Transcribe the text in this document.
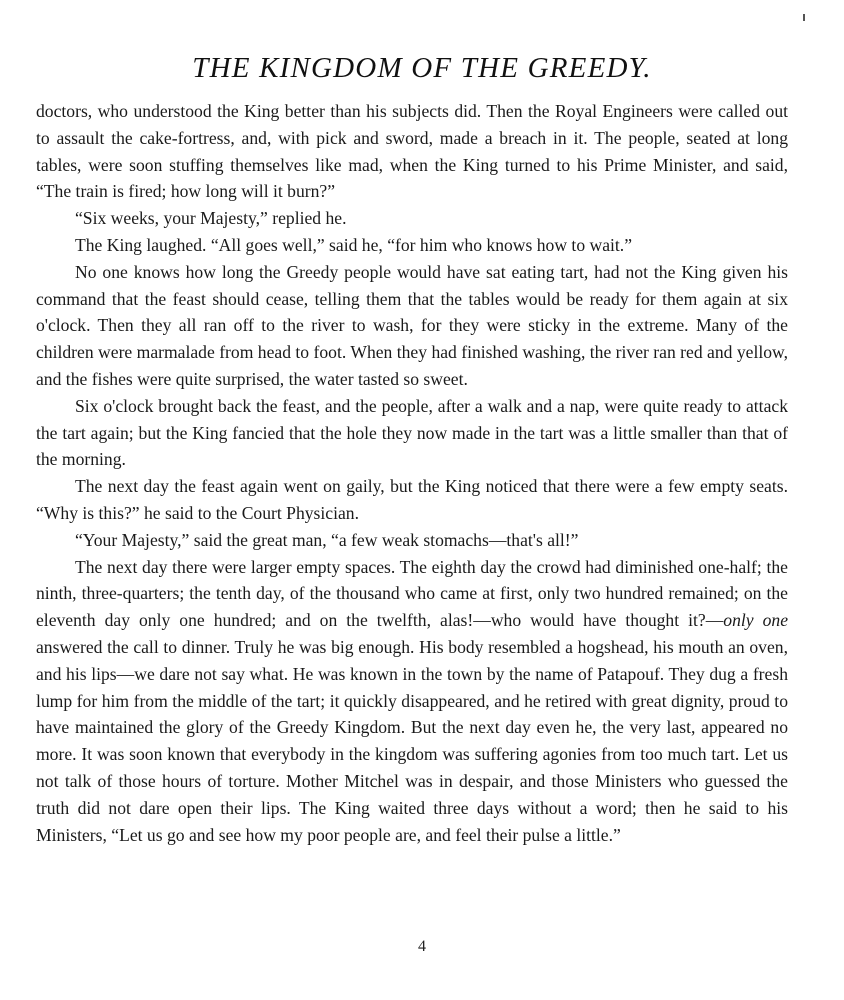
THE KINGDOM OF THE GREEDY.

doctors, who understood the King better than his subjects did. Then the Royal Engineers were called out to assault the cake-fortress, and, with pick and sword, made a breach in it. The people, seated at long tables, were soon stuffing themselves like mad, when the King turned to his Prime Minister, and said, “The train is fired; how long will it burn?”

“Six weeks, your Majesty,” replied he.

The King laughed. “All goes well,” said he, “for him who knows how to wait.”

No one knows how long the Greedy people would have sat eating tart, had not the King given his command that the feast should cease, telling them that the tables would be ready for them again at six o'clock. Then they all ran off to the river to wash, for they were sticky in the extreme. Many of the children were marmalade from head to foot. When they had finished washing, the river ran red and yellow, and the fishes were quite surprised, the water tasted so sweet.

Six o'clock brought back the feast, and the people, after a walk and a nap, were quite ready to attack the tart again; but the King fancied that the hole they now made in the tart was a little smaller than that of the morning.

The next day the feast again went on gaily, but the King noticed that there were a few empty seats. “Why is this?” he said to the Court Physician.

“Your Majesty,” said the great man, “a few weak stomachs—that's all!”

The next day there were larger empty spaces. The eighth day the crowd had diminished one-half; the ninth, three-quarters; the tenth day, of the thousand who came at first, only two hundred remained; on the eleventh day only one hundred; and on the twelfth, alas!—who would have thought it?—only one answered the call to dinner. Truly he was big enough. His body resembled a hogshead, his mouth an oven, and his lips—we dare not say what. He was known in the town by the name of Patapouf. They dug a fresh lump for him from the middle of the tart; it quickly disappeared, and he retired with great dignity, proud to have maintained the glory of the Greedy Kingdom. But the next day even he, the very last, appeared no more. It was soon known that everybody in the kingdom was suffering agonies from too much tart. Let us not talk of those hours of torture. Mother Mitchel was in despair, and those Ministers who guessed the truth did not dare open their lips. The King waited three days without a word; then he said to his Ministers, “Let us go and see how my poor people are, and feel their pulse a little.”

4
